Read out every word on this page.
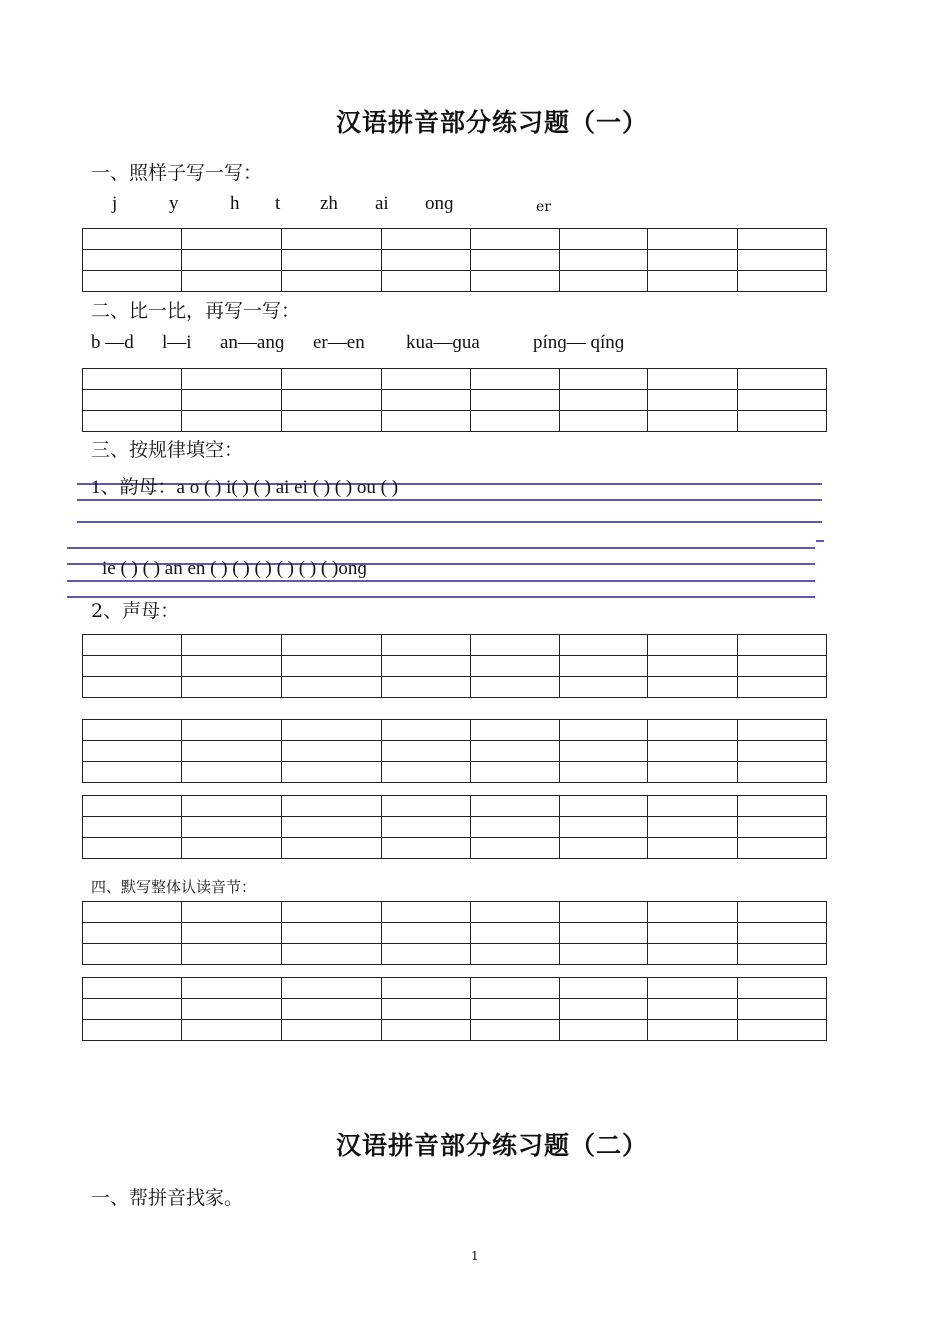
汉语拼音部分练习题（一）
一、照样子写一写：
j	y	h t zh ai onɡ	er

二、比一比，再写一写：
b —d l—i an—anɡ er—en kua—ɡua	pínɡ— qínɡ

三、按规律填空：
1、韵母：a o ( ) i( ) ( ) ai ei ( ) ( ) ou ( )
ie ( ) ( ) an en ( ) ( ) ( ) ( ) ( ) ( )onɡ
2、声母：

四、默写整体认读音节：

汉语拼音部分练习题（二）
一、帮拼音找家。
1
